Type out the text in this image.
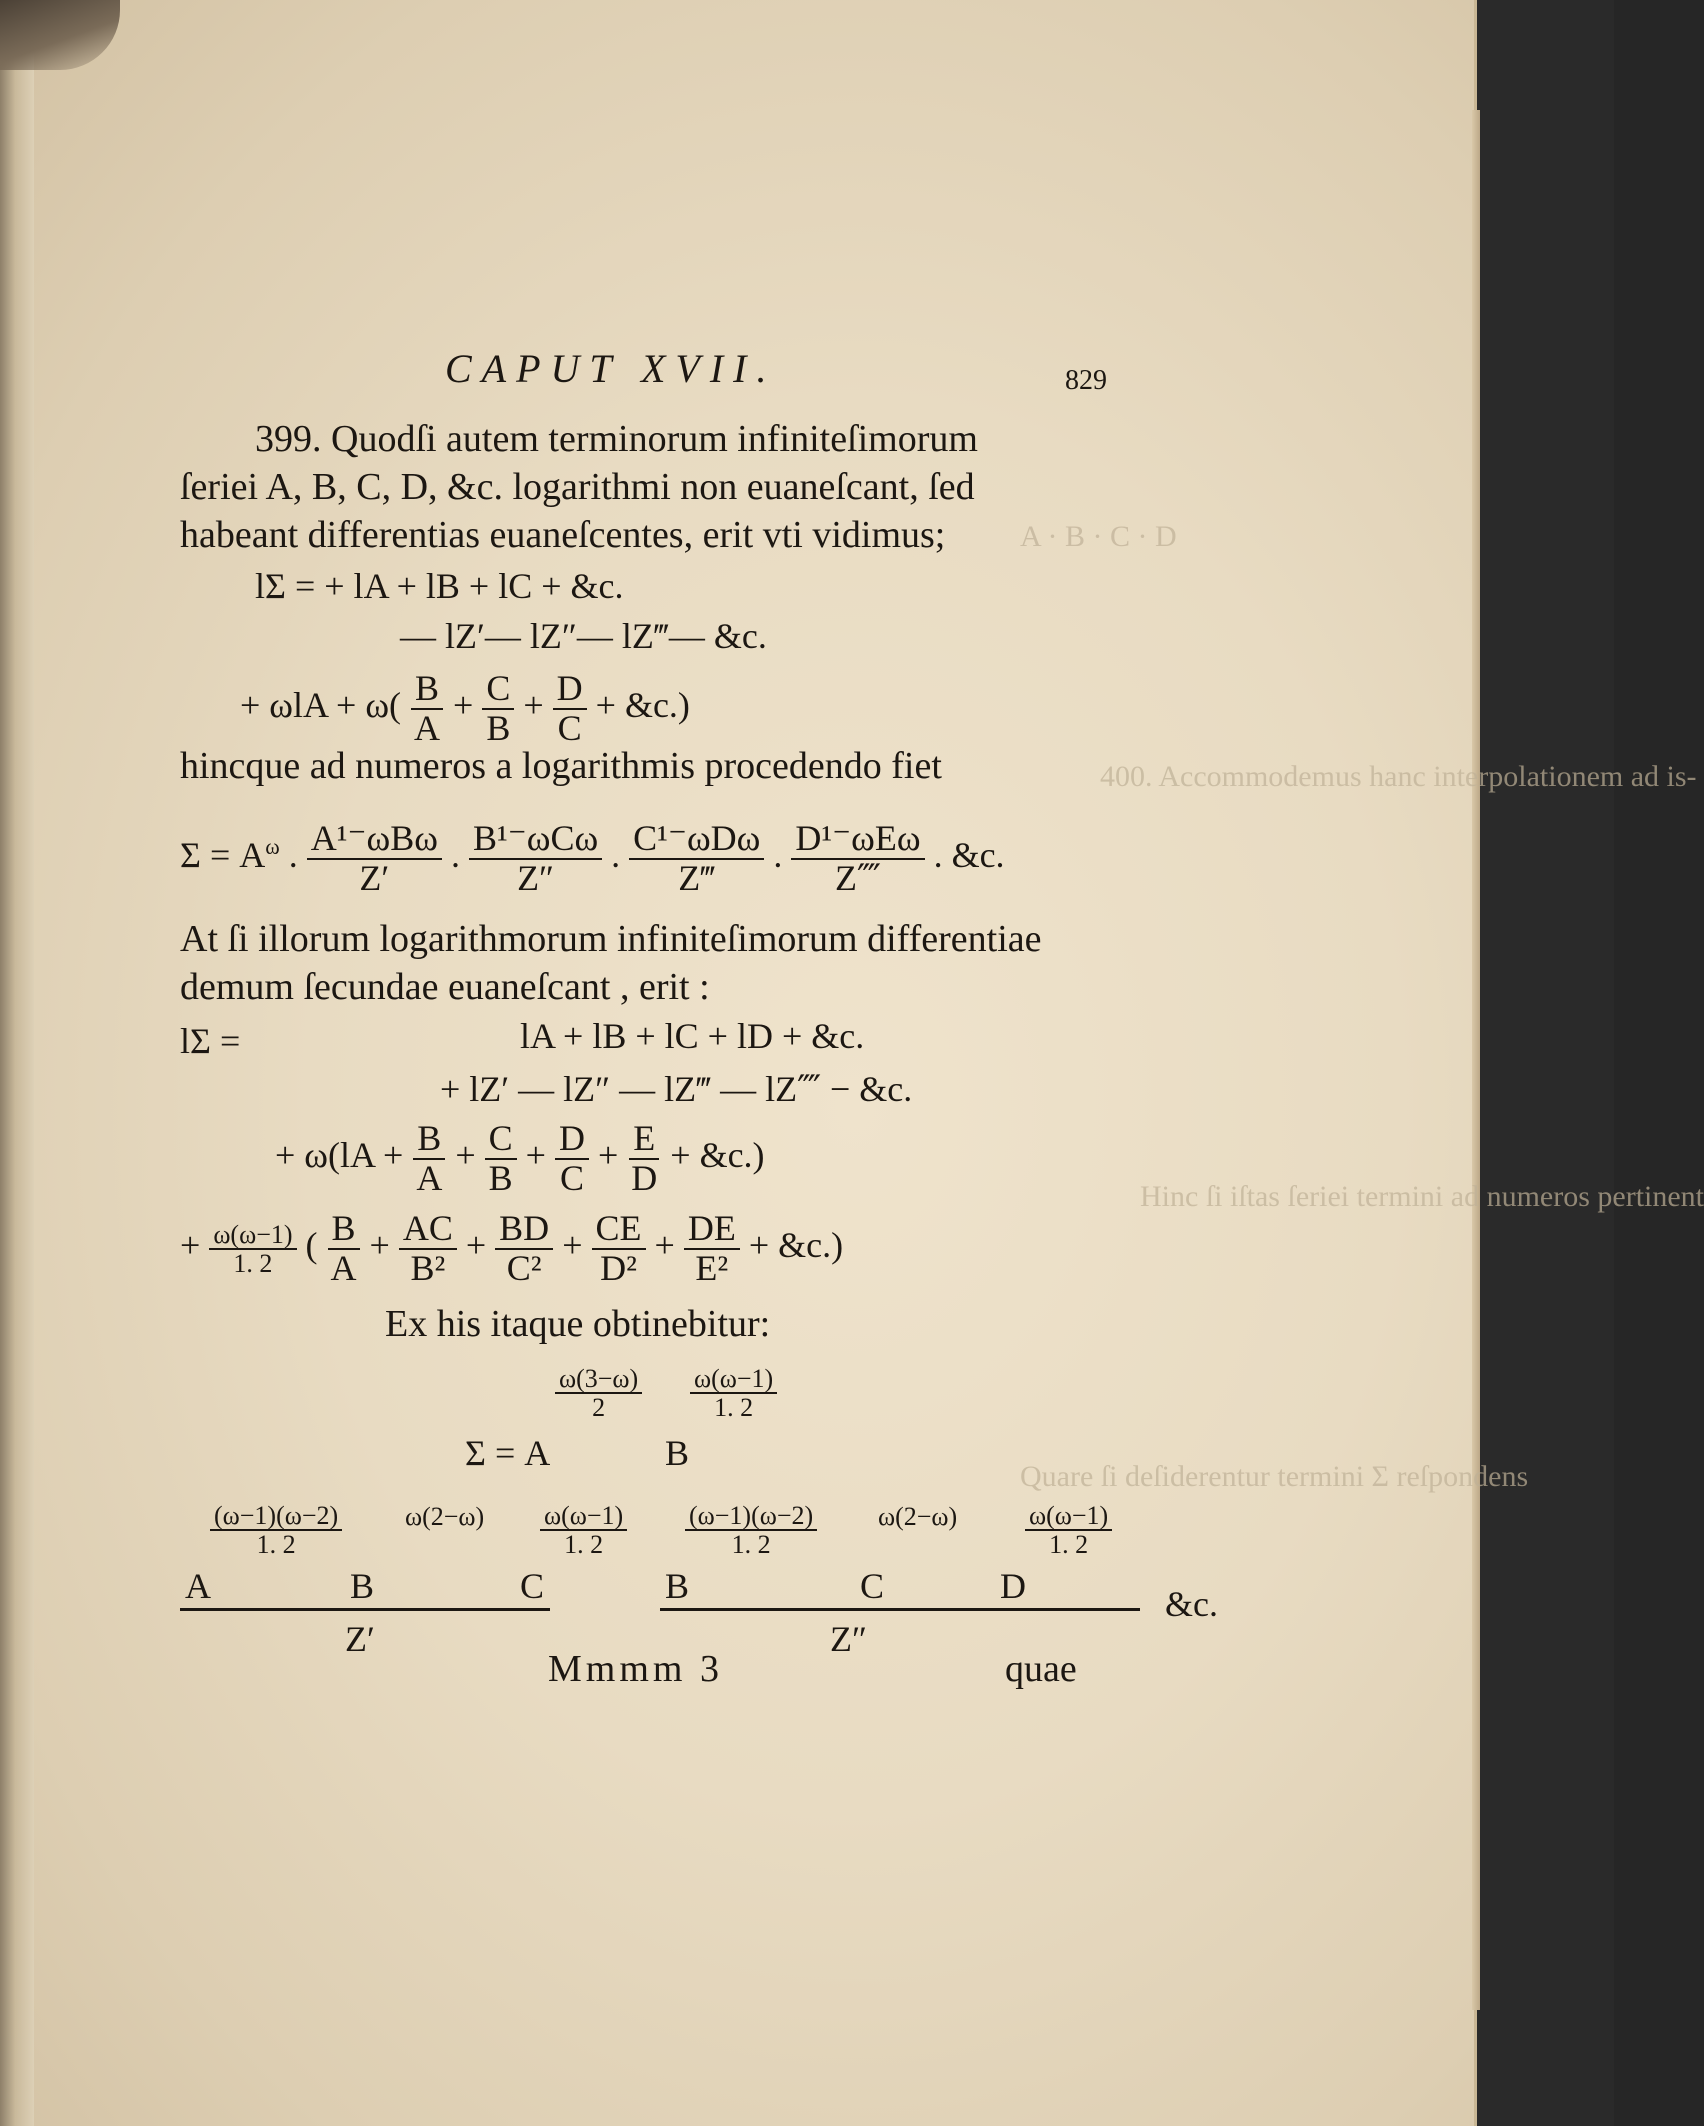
A · B · C · D
400. Accommodemus hanc interpolationem ad is-
Hinc ſi iſtas ſeriei termini ad numeros pertinent
Quare ſi deſiderentur termini Σ reſpondens
CAPUT XVII.	829
399. Quodſi autem terminorum infiniteſimorum
ſeriei A, B, C, D, &c. logarithmi non euaneſcant, ſed
habeant differentias euaneſcentes, erit vti vidimus;
lΣ = + lA + lB + lC + &c.
— lZ′— lZ″— lZ‴— &c.
+ $\omega lA + \omega( \frac{B}{A} + \frac{C}{B} + \frac{D}{C}$ + &c.)
hincque ad numeros a logarithmis procedendo fiet
$\Sigma = A^\omega$ . $\frac{\text{A¹⁻ωBω}}{Z'}$ . $\frac{\text{B¹⁻ωCω}}{Z''}$ . $\frac{\text{C¹⁻ωDω}}{Z‴}$ . $\frac{\text{D¹⁻ωEω}}{Z⁗}$ . &c.
At ſi illorum logarithmorum infiniteſimorum differentiae
demum ſecundae euaneſcant , erit :
lΣ =	lA + lB + lC + lD + &c.
+ lZ′ — lZ″ — lZ‴ — lZ⁗ − &c.
+ $\omega(lA + \frac{B}{A} + \frac{C}{B} + \frac{D}{C} + \frac{E}{D}$ + &c.)
+ $\frac{\omega(\omega-1)}{1. 2}$ ( $\frac{B}{A} + \frac{AC}{\text{B²}} + \frac{BD}{\text{C²}} + \frac{CE}{\text{D²}} + \frac{DE}{\text{E²}}$ + &c.)
Ex his itaque obtinebitur:
$\frac{\omega(3-\omega)}{2} \frac{\omega(\omega-1)}{1. 2}$
Σ = A	B
$\frac{(\omega-1)(\omega-2)}{1. 2} \omega(2-\omega) \frac{\omega(\omega-1)}{1. 2} \frac{(\omega-1)(\omega-2)}{1. 2} \omega(2-\omega)$	$\frac{\omega(\omega-1)}{1. 2}$
A	B	C	B	C	D
Z′	Z″
&c.
Mmmm 3	quae
